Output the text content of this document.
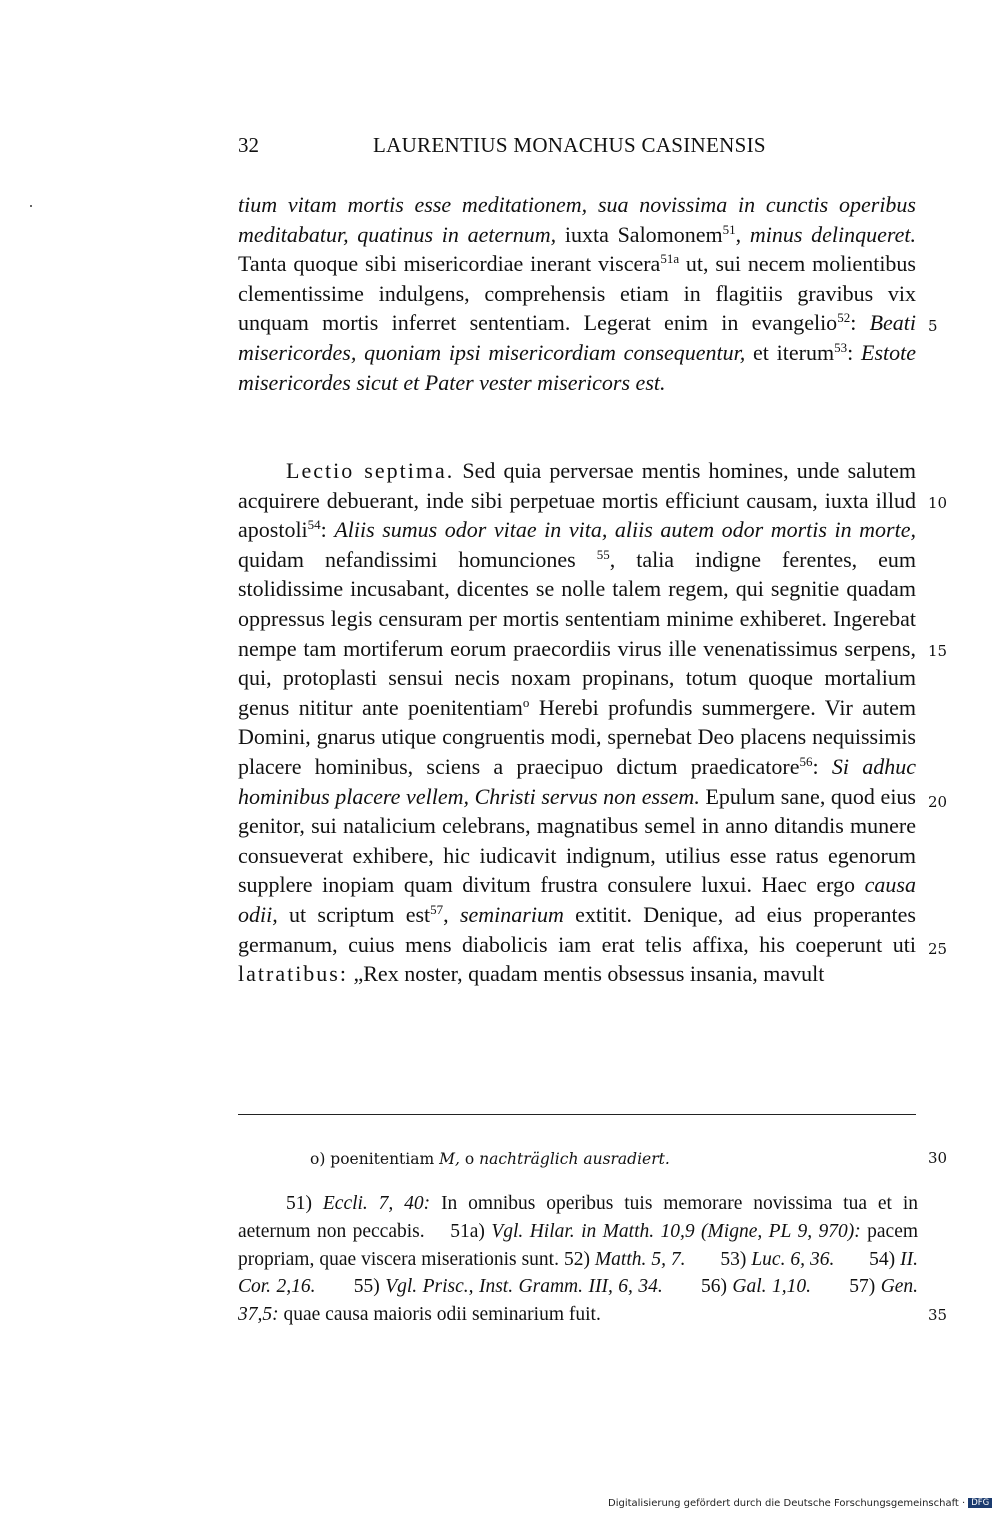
32	LAURENTIUS MONACHUS CASINENSIS

tium vitam mortis esse meditationem, sua novissima in cunctis operibus meditabatur, quatinus in aeternum, iuxta Salomonem$^{51}$, minus delinqueret. Tanta quoque sibi misericordiae inerant viscera$^{51a}$ ut, sui necem molientibus clementissime indulgens, comprehensis etiam in flagitiis gravibus vix unquam mortis inferret sententiam. Legerat enim in evangelio$^{52}$: Beati misericordes, quoniam ipsi misericordiam consequentur, et iterum$^{53}$: Estote misericordes sicut et Pater vester misericors est.

Lectio septima. Sed quia perversae mentis homines, unde salutem acquirere debuerant, inde sibi perpetuae mortis efficiunt causam, iuxta illud apostoli$^{54}$: Aliis sumus odor vitae in vita, aliis autem odor mortis in morte, quidam nefandissimi homunciones $^{55}$, talia indigne ferentes, eum stolidissime incusabant, dicentes se nolle talem regem, qui segnitie quadam oppressus legis censuram per mortis sententiam minime exhiberet. Ingerebat nempe tam mortiferum eorum praecordiis virus ille venenatissimus serpens, qui, protoplasti sensui necis noxam propinans, totum quoque mortalium genus nititur ante poenitentiam$^o$ Herebi profundis summergere. Vir autem Domini, gnarus utique congruentis modi, spernebat Deo placens nequissimis placere hominibus, sciens a praecipuo dictum praedicatore$^{56}$: Si adhuc hominibus placere vellem, Christi servus non essem. Epulum sane, quod eius genitor, sui natalicium celebrans, magnatibus semel in anno ditandis munere consueverat exhibere, hic iudicavit indignum, utilius esse ratus egenorum supplere inopiam quam divitum frustra consulere luxui. Haec ergo causa odii, ut scriptum est$^{57}$, seminarium extitit. Denique, ad eius properantes germanum, cuius mens diabolicis iam erat telis affixa, his coeperunt uti latratibus: „Rex noster, quadam mentis obsessus insania, mavult

5
10
15
20
25
30
35
o) poenitentiam M, o nachträglich ausradiert.

51) Eccli. 7, 40: In omnibus operibus tuis memorare novissima tua et in aeternum non peccabis. 51a) Vgl. Hilar. in Matth. 10,9 (Migne, PL 9, 970): pacem propriam, quae viscera miserationis sunt. 52) Matth. 5, 7. 53) Luc. 6, 36. 54) II. Cor. 2,16. 55) Vgl. Prisc., Inst. Gramm. III, 6, 34. 56) Gal. 1,10. 57) Gen. 37,5: quae causa maioris odii seminarium fuit.

Digitalisierung gefördert durch die Deutsche Forschungsgemeinschaft · DFG
